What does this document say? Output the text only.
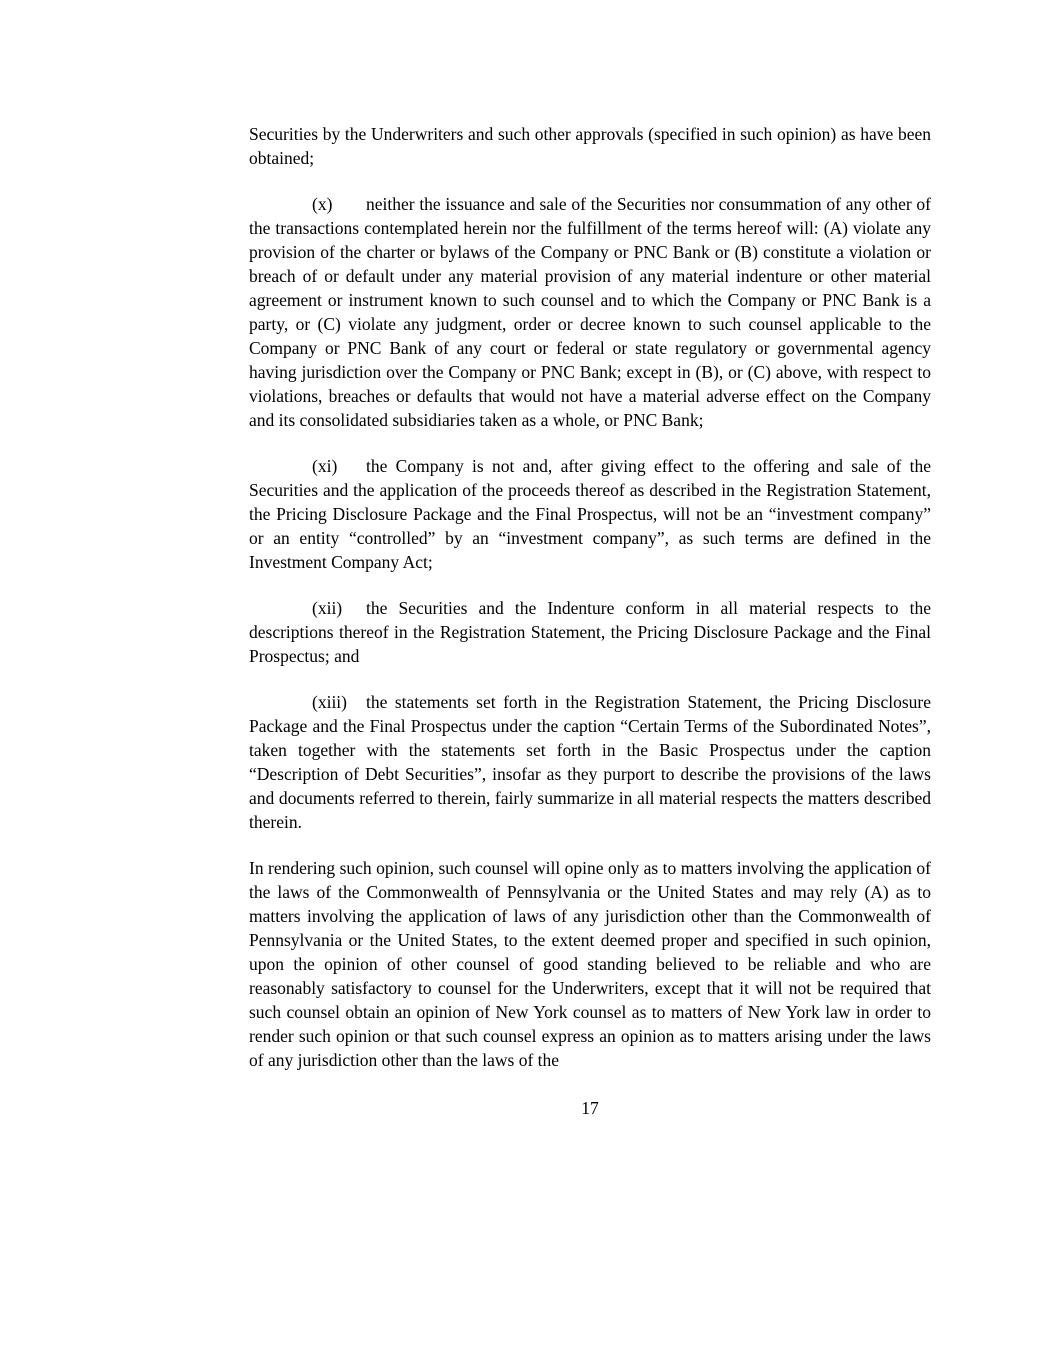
Securities by the Underwriters and such other approvals (specified in such opinion) as have been obtained;

(x) neither the issuance and sale of the Securities nor consummation of any other of the transactions contemplated herein nor the fulfillment of the terms hereof will: (A) violate any provision of the charter or bylaws of the Company or PNC Bank or (B) constitute a violation or breach of or default under any material provision of any material indenture or other material agreement or instrument known to such counsel and to which the Company or PNC Bank is a party, or (C) violate any judgment, order or decree known to such counsel applicable to the Company or PNC Bank of any court or federal or state regulatory or governmental agency having jurisdiction over the Company or PNC Bank; except in (B), or (C) above, with respect to violations, breaches or defaults that would not have a material adverse effect on the Company and its consolidated subsidiaries taken as a whole, or PNC Bank;

(xi) the Company is not and, after giving effect to the offering and sale of the Securities and the application of the proceeds thereof as described in the Registration Statement, the Pricing Disclosure Package and the Final Prospectus, will not be an “investment company” or an entity “controlled” by an “investment company”, as such terms are defined in the Investment Company Act;

(xii) the Securities and the Indenture conform in all material respects to the descriptions thereof in the Registration Statement, the Pricing Disclosure Package and the Final Prospectus; and

(xiii) the statements set forth in the Registration Statement, the Pricing Disclosure Package and the Final Prospectus under the caption “Certain Terms of the Subordinated Notes”, taken together with the statements set forth in the Basic Prospectus under the caption “Description of Debt Securities”, insofar as they purport to describe the provisions of the laws and documents referred to therein, fairly summarize in all material respects the matters described therein.

In rendering such opinion, such counsel will opine only as to matters involving the application of the laws of the Commonwealth of Pennsylvania or the United States and may rely (A) as to matters involving the application of laws of any jurisdiction other than the Commonwealth of Pennsylvania or the United States, to the extent deemed proper and specified in such opinion, upon the opinion of other counsel of good standing believed to be reliable and who are reasonably satisfactory to counsel for the Underwriters, except that it will not be required that such counsel obtain an opinion of New York counsel as to matters of New York law in order to render such opinion or that such counsel express an opinion as to matters arising under the laws of any jurisdiction other than the laws of the

17
